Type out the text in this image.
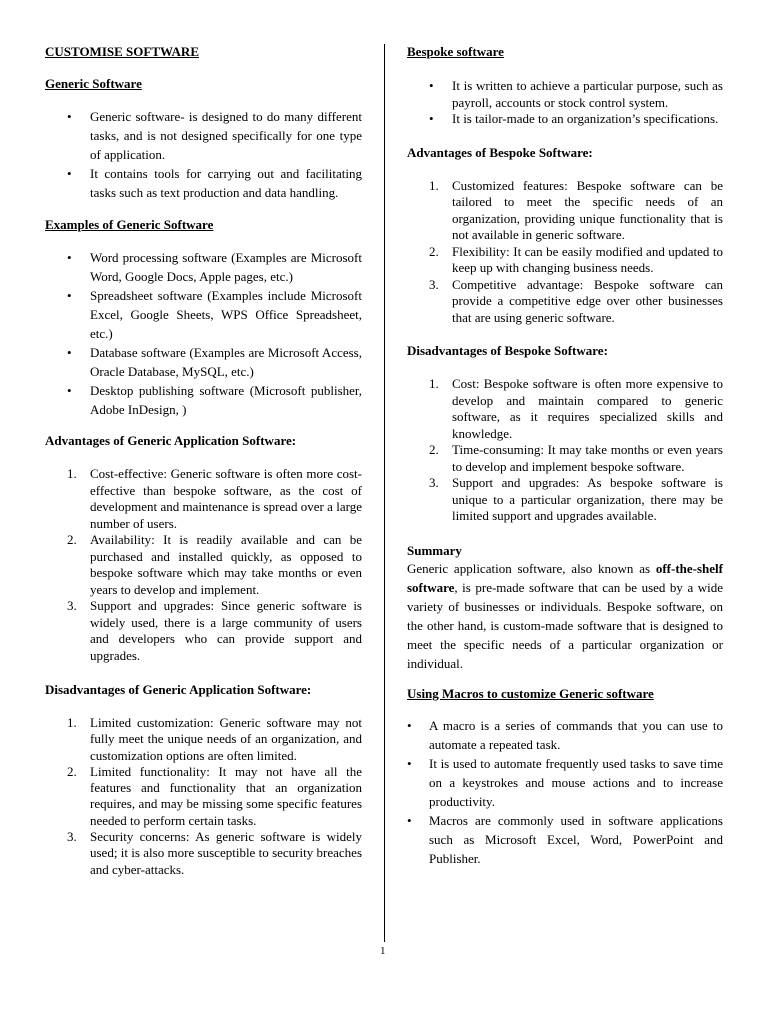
CUSTOMISE SOFTWARE
Generic Software
• Generic software- is designed to do many different tasks, and is not designed specifically for one type of application.
• It contains tools for carrying out and facilitating tasks such as text production and data handling.
Examples of Generic Software
• Word processing software (Examples are Microsoft Word, Google Docs, Apple pages, etc.)
• Spreadsheet software (Examples include Microsoft Excel, Google Sheets, WPS Office Spreadsheet, etc.)
• Database software (Examples are Microsoft Access, Oracle Database, MySQL, etc.)
• Desktop publishing software (Microsoft publisher, Adobe InDesign, )
Advantages of Generic Application Software:
1. Cost-effective: Generic software is often more cost-effective than bespoke software, as the cost of development and maintenance is spread over a large number of users.
2. Availability: It is readily available and can be purchased and installed quickly, as opposed to bespoke software which may take months or even years to develop and implement.
3. Support and upgrades: Since generic software is widely used, there is a large community of users and developers who can provide support and upgrades.
Disadvantages of Generic Application Software:
1. Limited customization: Generic software may not fully meet the unique needs of an organization, and customization options are often limited.
2. Limited functionality: It may not have all the features and functionality that an organization requires, and may be missing some specific features needed to perform certain tasks.
3. Security concerns: As generic software is widely used; it is also more susceptible to security breaches and cyber-attacks.
Bespoke software
• It is written to achieve a particular purpose, such as payroll, accounts or stock control system.
• It is tailor-made to an organization’s specifications.
Advantages of Bespoke Software:
1. Customized features: Bespoke software can be tailored to meet the specific needs of an organization, providing unique functionality that is not available in generic software.
2. Flexibility: It can be easily modified and updated to keep up with changing business needs.
3. Competitive advantage: Bespoke software can provide a competitive edge over other businesses that are using generic software.
Disadvantages of Bespoke Software:
1. Cost: Bespoke software is often more expensive to develop and maintain compared to generic software, as it requires specialized skills and knowledge.
2. Time-consuming: It may take months or even years to develop and implement bespoke software.
3. Support and upgrades: As bespoke software is unique to a particular organization, there may be limited support and upgrades available.
Summary

Generic application software, also known as off-the-shelf software, is pre-made software that can be used by a wide variety of businesses or individuals. Bespoke software, on the other hand, is custom-made software that is designed to meet the specific needs of a particular organization or individual.

Using Macros to customize Generic software
• A macro is a series of commands that you can use to automate a repeated task.
• It is used to automate frequently used tasks to save time on a keystrokes and mouse actions and to increase productivity.
• Macros are commonly used in software applications such as Microsoft Excel, Word, PowerPoint and Publisher.
1
